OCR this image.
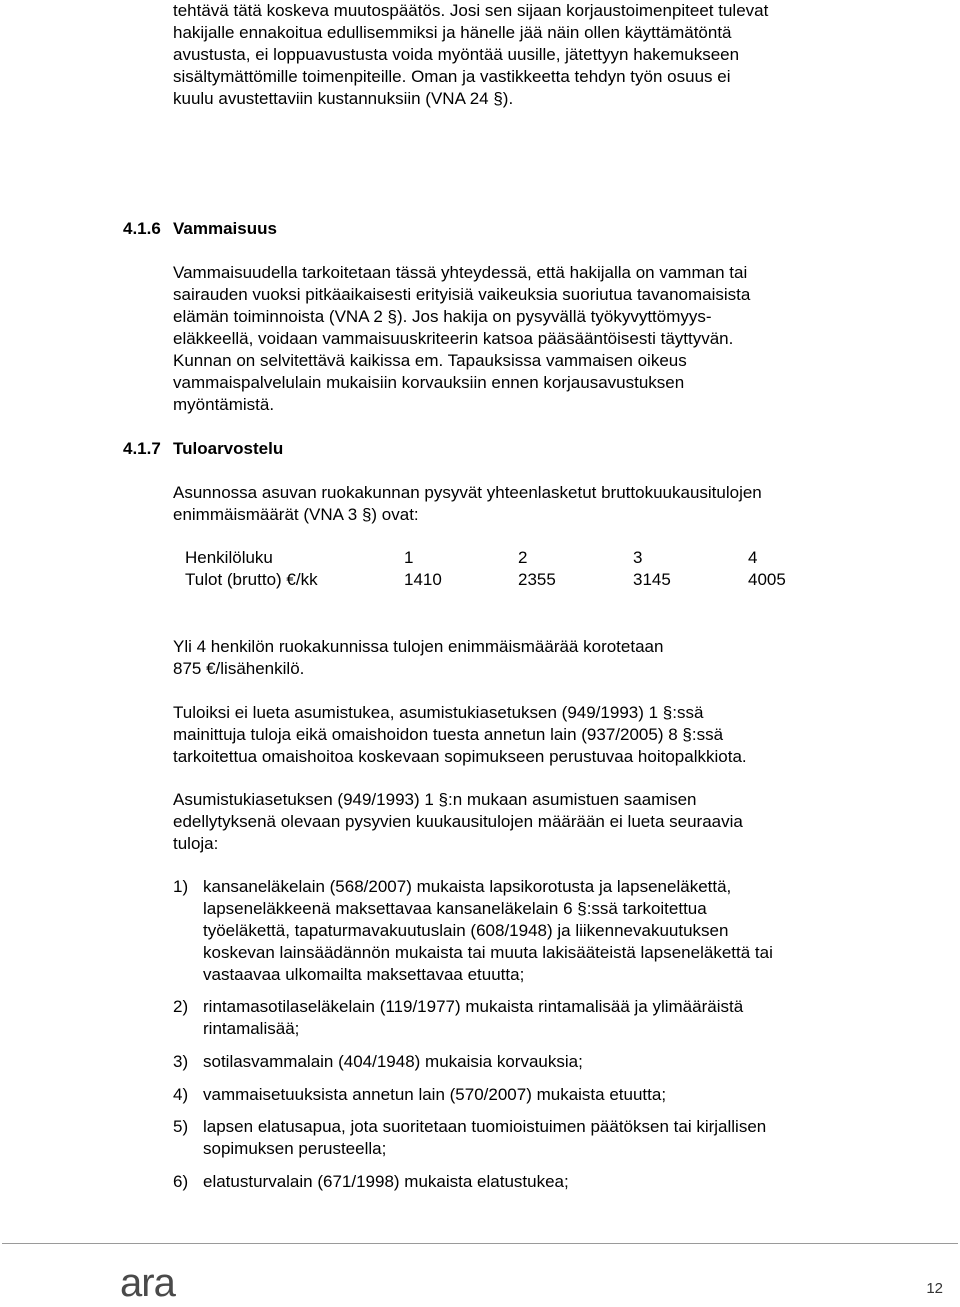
tehtävä tätä koskeva muutospäätös. Josi sen sijaan korjaustoimenpiteet tulevat
hakijalle ennakoitua edullisemmiksi ja hänelle jää näin ollen käyttämätöntä
avustusta, ei loppuavustusta voida myöntää uusille, jätettyyn hakemukseen
sisältymättömille toimenpiteille. Oman ja vastikkeetta tehdyn työn osuus ei
kuulu avustettaviin kustannuksiin (VNA 24 §).
4.1.6 Vammaisuus
Vammaisuudella tarkoitetaan tässä yhteydessä, että hakijalla on vamman tai
sairauden vuoksi pitkäaikaisesti erityisiä vaikeuksia suoriutua tavanomaisista
elämän toiminnoista (VNA 2 §). Jos hakija on pysyvällä työkyvyttömyys-
eläkkeellä, voidaan vammaisuuskriteerin katsoa pääsääntöisesti täyttyvän.
Kunnan on selvitettävä kaikissa em. Tapauksissa vammaisen oikeus
vammaispalvelulain mukaisiin korvauksiin ennen korjausavustuksen
myöntämistä.
4.1.7 Tuloarvostelu
Asunnossa asuvan ruokakunnan pysyvät yhteenlasketut bruttokuukausitulojen
enimmäismäärät (VNA 3 §) ovat:
Henkilöluku	1	2	3	4
Tulot (brutto) €/kk	1410	2355	3145	4005
Yli 4 henkilön ruokakunnissa tulojen enimmäismäärää korotetaan
875 €/lisähenkilö.
Tuloiksi ei lueta asumistukea, asumistukiasetuksen (949/1993) 1 §:ssä
mainittuja tuloja eikä omaishoidon tuesta annetun lain (937/2005) 8 §:ssä
tarkoitettua omaishoitoa koskevaan sopimukseen perustuvaa hoitopalkkiota.
Asumistukiasetuksen (949/1993) 1 §:n mukaan asumistuen saamisen
edellytyksenä olevaan pysyvien kuukausitulojen määrään ei lueta seuraavia
tuloja:
1) kansaneläkelain (568/2007) mukaista lapsikorotusta ja lapseneläkettä,
lapseneläkkeenä maksettavaa kansaneläkelain 6 §:ssä tarkoitettua
työeläkettä, tapaturmavakuutuslain (608/1948) ja liikennevakuutuksen
koskevan lainsäädännön mukaista tai muuta lakisääteistä lapseneläkettä tai
vastaavaa ulkomailta maksettavaa etuutta;
2) rintamasotilaseläkelain (119/1977) mukaista rintamalisää ja ylimääräistä
rintamalisää;
3) sotilasvammalain (404/1948) mukaisia korvauksia;
4) vammaisetuuksista annetun lain (570/2007) mukaista etuutta;
5) lapsen elatusapua, jota suoritetaan tuomioistuimen päätöksen tai kirjallisen
sopimuksen perusteella;
6) elatusturvalain (671/1998) mukaista elatustukea;
ara	12
